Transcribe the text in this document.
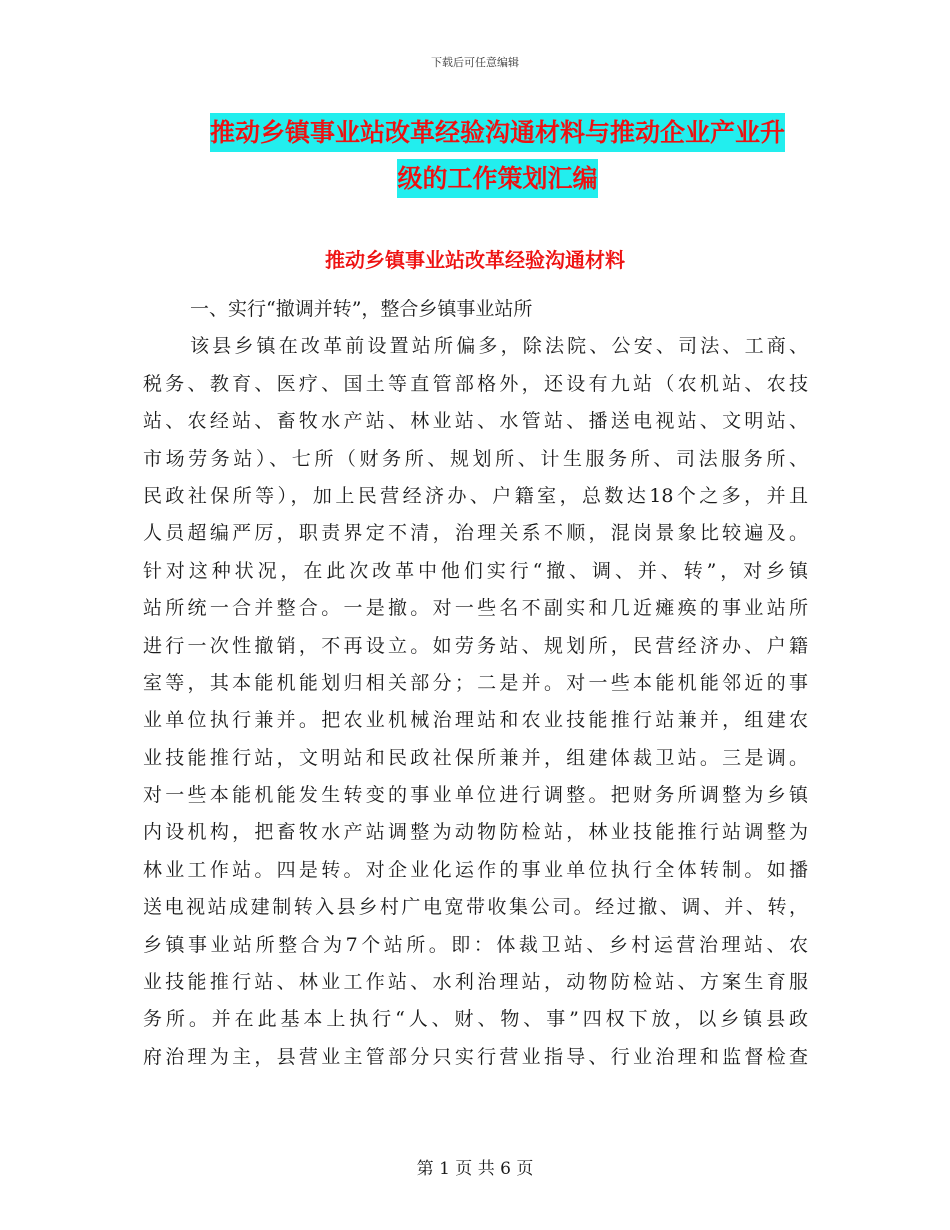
下载后可任意编辑
推动乡镇事业站改革经验沟通材料与推动企业产业升
级的工作策划汇编
推动乡镇事业站改革经验沟通材料
一、实行“撤调并转”，整合乡镇事业站所
该县乡镇在改革前设置站所偏多，除法院、公安、司法、工商、
税务、教育、医疗、国土等直管部格外，还设有九站（农机站、农技
站、农经站、畜牧水产站、林业站、水管站、播送电视站、文明站、
市场劳务站）、七所（财务所、规划所、计生服务所、司法服务所、
民政社保所等），加上民营经济办、户籍室，总数达18个之多，并且
人员超编严厉，职责界定不清，治理关系不顺，混岗景象比较遍及。
针对这种状况，在此次改革中他们实行“撤、调、并、转”，对乡镇
站所统一合并整合。一是撤。对一些名不副实和几近瘫痪的事业站所
进行一次性撤销，不再设立。如劳务站、规划所，民营经济办、户籍
室等，其本能机能划归相关部分；二是并。对一些本能机能邻近的事
业单位执行兼并。把农业机械治理站和农业技能推行站兼并，组建农
业技能推行站，文明站和民政社保所兼并，组建体裁卫站。三是调。
对一些本能机能发生转变的事业单位进行调整。把财务所调整为乡镇
内设机构，把畜牧水产站调整为动物防检站，林业技能推行站调整为
林业工作站。四是转。对企业化运作的事业单位执行全体转制。如播
送电视站成建制转入县乡村广电宽带收集公司。经过撤、调、并、转，
乡镇事业站所整合为7个站所。即：体裁卫站、乡村运营治理站、农
业技能推行站、林业工作站、水利治理站，动物防检站、方案生育服
务所。并在此基本上执行“人、财、物、事”四权下放，以乡镇县政
府治理为主，县营业主管部分只实行营业指导、行业治理和监督检查
第 1 页 共 6 页
